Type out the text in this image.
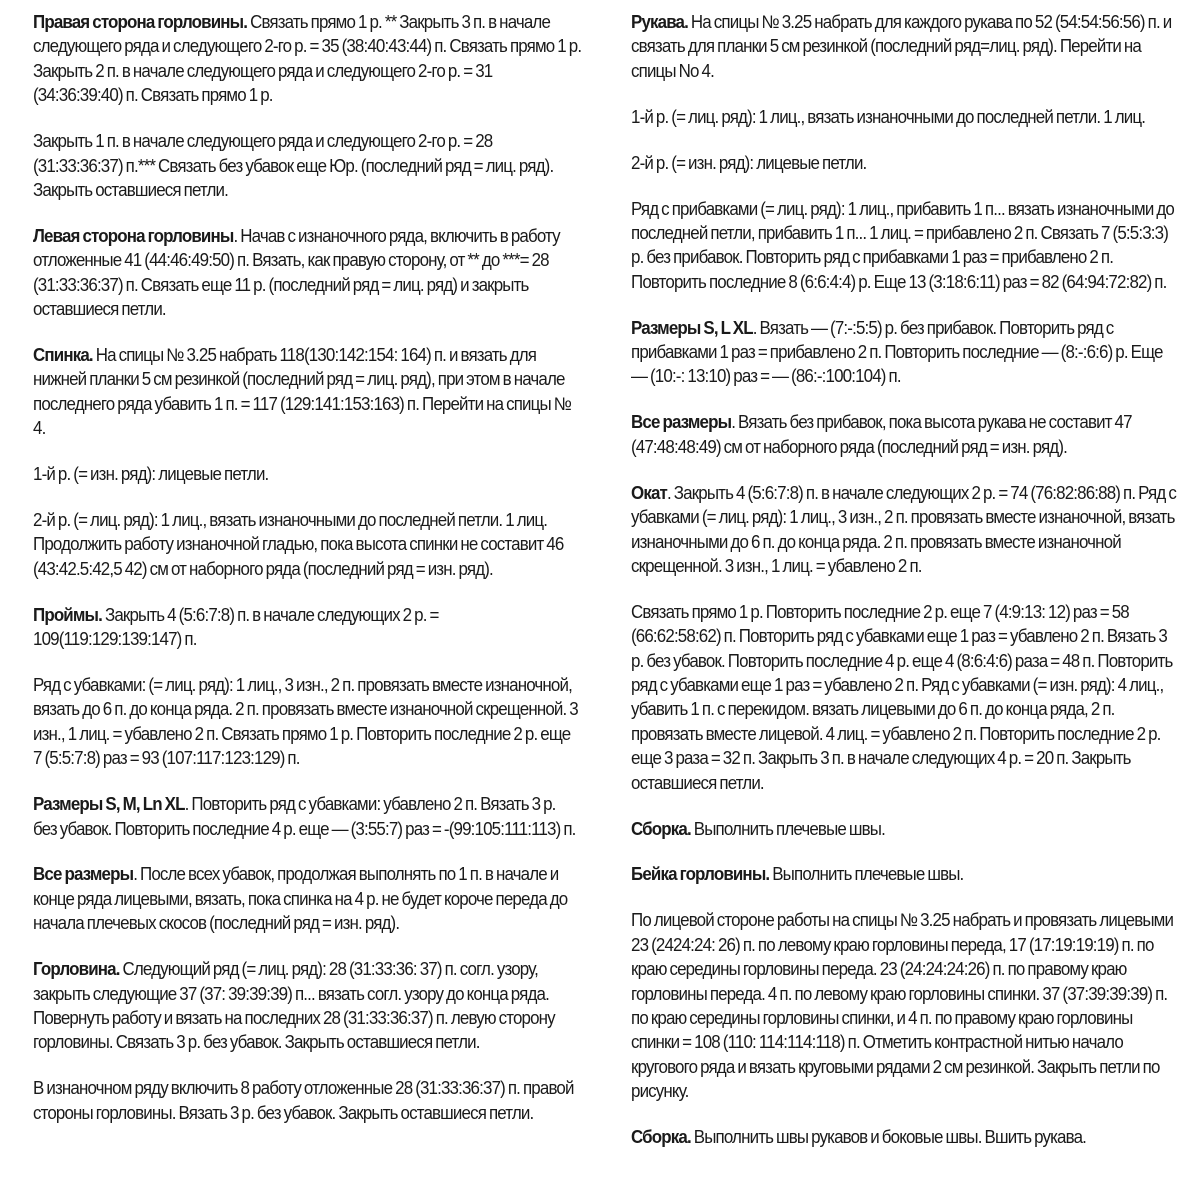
Правая сторона горловины. Связать прямо 1 р. ** Закрыть 3 п. в начале следующего ряда и следующего 2-го р. = 35 (38:40:43:44) п. Связать прямо 1 р. Закрыть 2 п. в начале следующего ряда и следующего 2-го р. = 31 (34:36:39:40) п. Связать прямо 1 р.

Закрыть 1 п. в начале следующего ряда и следующего 2-го р. = 28 (31:33:36:37) п.*** Связать без убавок еще Юр. (последний ряд = лиц. ряд). Закрыть оставшиеся петли.

Левая сторона горловины. Начав с изнаночного ряда, включить в работу отложенные 41 (44:46:49:50) п. Вязать, как правую сторону, от ** до ***= 28 (31:33:36:37) п. Связать еще 11 р. (последний ряд = лиц. ряд) и закрыть оставшиеся петли.

Спинка. На спицы № 3.25 набрать 118(130:142:154: 164) п. и вязать для нижней планки 5 см резинкой (последний ряд = лиц. ряд), при этом в начале последнего ряда убавить 1 п. = 117 (129:141:153:163) п. Перейти на спицы № 4.

1-й р. (= изн. ряд): лицевые петли.

2-й р. (= лиц. ряд): 1 лиц., вязать изнаночными до последней петли. 1 лиц. Продолжить работу изнаночной гладью, пока высота спинки не составит 46 (43:42.5:42,5 42) см от наборного ряда (последний ряд = изн. ряд).

Проймы. Закрыть 4 (5:6:7:8) п. в начале следующих 2 р. = 109(119:129:139:147) п.

Ряд с убавками: (= лиц. ряд): 1 лиц., 3 изн., 2 п. провязать вместе изнаночной, вязать до 6 п. до конца ряда. 2 п. провязать вместе изнаночной скрещенной. 3 изн., 1 лиц. = убавлено 2 п. Связать прямо 1 р. Повторить последние 2 р. еще 7 (5:5:7:8) раз = 93 (107:117:123:129) п.

Размеры S, M, Ln XL. Повторить ряд с убавками: убавлено 2 п. Вязать 3 р. без убавок. Повторить последние 4 р. еще — (3:55:7) раз = -(99:105:111:113) п.

Все размеры. После всех убавок, продолжая выполнять по 1 п. в начале и конце ряда лицевыми, вязать, пока спинка на 4 р. не будет короче переда до начала плечевых скосов (последний ряд = изн. ряд).

Горловина. Следующий ряд (= лиц. ряд): 28 (31:33:36: 37) п. согл. узору, закрыть следующие 37 (37: 39:39:39) п... вязать согл. узору до конца ряда. Повернуть работу и вязать на последних 28 (31:33:36:37) п. левую сторону горловины. Связать 3 р. без убавок. Закрыть оставшиеся петли.

В изнаночном ряду включить 8 работу отложенные 28 (31:33:36:37) п. правой стороны горловины. Вязать 3 р. без убавок. Закрыть оставшиеся петли.

Рукава. На спицы № 3.25 набрать для каждого рукава по 52 (54:54:56:56) п. и связать для планки 5 см резинкой (последний ряд=лиц. ряд). Перейти на спицы No 4.

1-й р. (= лиц. ряд): 1 лиц., вязать изнаночными до последней петли. 1 лиц.

2-й р. (= изн. ряд): лицевые петли.

Ряд с прибавками (= лиц. ряд): 1 лиц., прибавить 1 п... вязать изнаночными до последней петли, прибавить 1 п... 1 лиц. = прибавлено 2 п. Связать 7 (5:5:3:3) р. без прибавок. Повторить ряд с прибавками 1 раз = прибавлено 2 п. Повторить последние 8 (6:6:4:4) р. Еще 13 (3:18:6:11) раз = 82 (64:94:72:82) п.

Размеры S, L XL. Вязать — (7:-:5:5) р. без прибавок. Повторить ряд с прибавками 1 раз = прибавлено 2 п. Повторить последние — (8:-:6:6) р. Еще — (10:-: 13:10) раз = — (86:-:100:104) п.

Все размеры. Вязать без прибавок, пока высота рукава не составит 47 (47:48:48:49) см от наборного ряда (последний ряд = изн. ряд).

Окат. Закрыть 4 (5:6:7:8) п. в начале следующих 2 р. = 74 (76:82:86:88) п. Ряд с убавками (= лиц. ряд): 1 лиц., 3 изн., 2 п. провязать вместе изнаночной, вязать изнаночными до 6 п. до конца ряда. 2 п. провязать вместе изнаночной скрещенной. 3 изн., 1 лиц. = убавлено 2 п.

Связать прямо 1 р. Повторить последние 2 р. еще 7 (4:9:13: 12) раз = 58 (66:62:58:62) п. Повторить ряд с убавками еще 1 раз = убавлено 2 п. Вязать 3 р. без убавок. Повторить последние 4 р. еще 4 (8:6:4:6) раза = 48 п. Повторить ряд с убавками еще 1 раз = убавлено 2 п. Ряд с убавками (= изн. ряд): 4 лиц., убавить 1 п. с перекидом. вязать лицевыми до 6 п. до конца ряда, 2 п. провязать вместе лицевой. 4 лиц. = убавлено 2 п. Повторить последние 2 р. еще 3 раза = 32 п. Закрыть 3 п. в начале следующих 4 р. = 20 п. Закрыть оставшиеся петли.

Сборка. Выполнить плечевые швы.

Бейка горловины. Выполнить плечевые швы.

По лицевой стороне работы на спицы № 3.25 набрать и провязать лицевыми 23 (2424:24: 26) п. по левому краю горловины переда, 17 (17:19:19:19) п. по краю середины горловины переда. 23 (24:24:24:26) п. по правому краю горловины переда. 4 п. по левому краю горловины спинки. 37 (37:39:39:39) п. по краю середины горловины спинки, и 4 п. по правому краю горловины спинки = 108 (110: 114:114:118) п. Отметить контрастной нитью начало кругового ряда и вязать круговыми рядами 2 см резинкой. Закрыть петли по рисунку.

Сборка. Выполнить швы рукавов и боковые швы. Вшить рукава.
